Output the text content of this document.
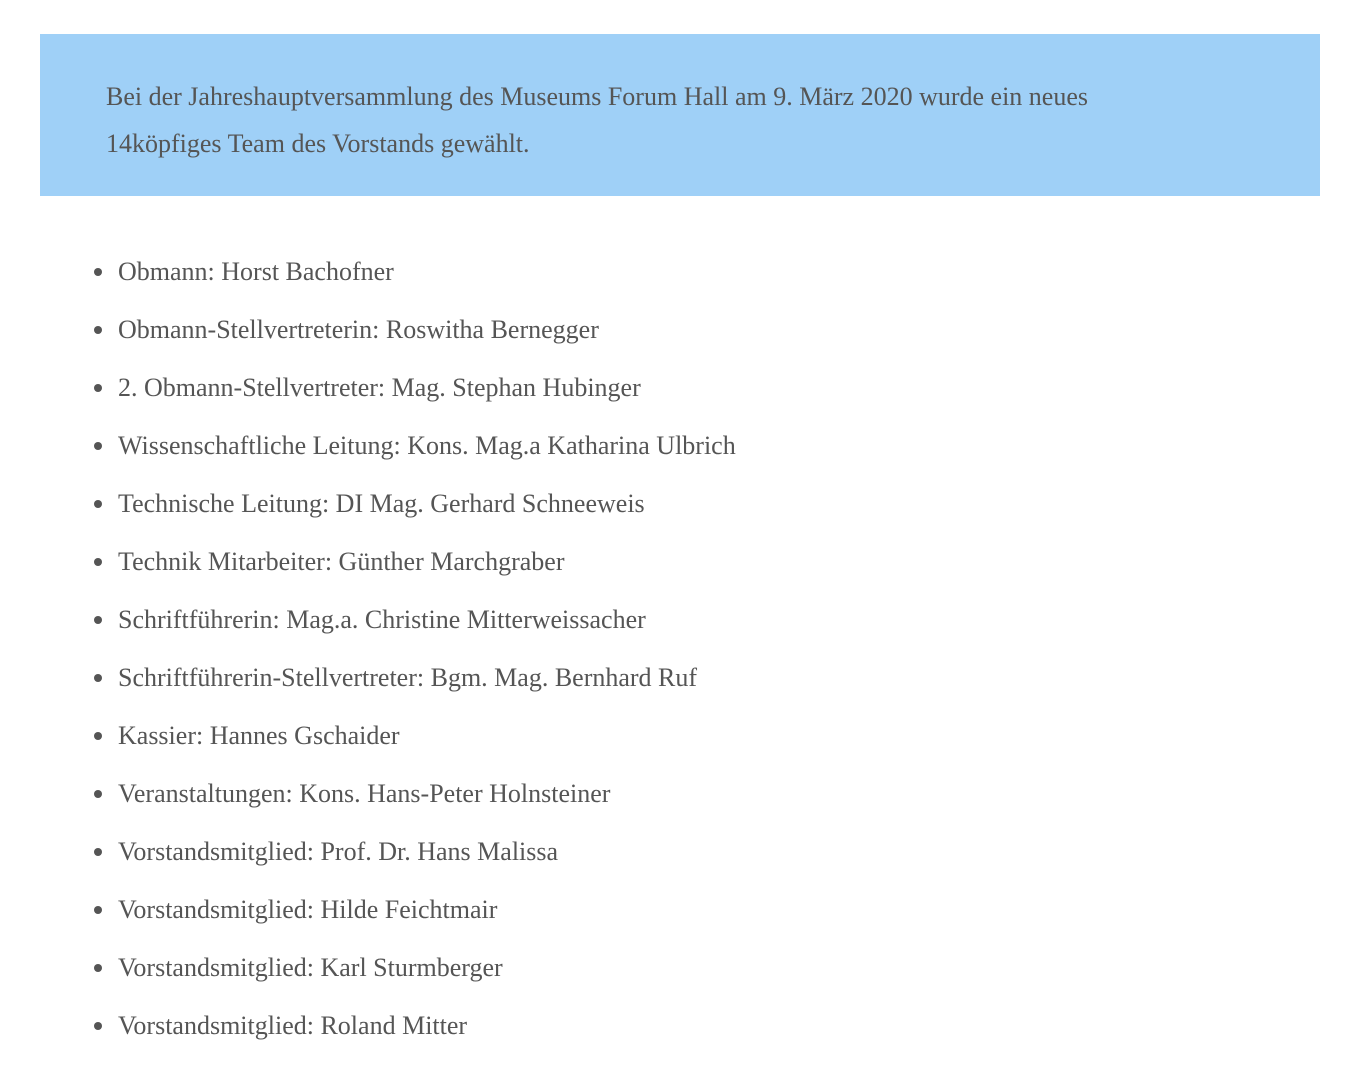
Bei der Jahreshauptversammlung des Museums Forum Hall am 9. März 2020 wurde ein neues 14köpfiges Team des Vorstands gewählt.

Obmann: Horst Bachofner
Obmann-Stellvertreterin: Roswitha Bernegger
2. Obmann-Stellvertreter: Mag. Stephan Hubinger
Wissenschaftliche Leitung: Kons. Mag.a Katharina Ulbrich
Technische Leitung: DI Mag. Gerhard Schneeweis
Technik Mitarbeiter: Günther Marchgraber
Schriftführerin: Mag.a. Christine Mitterweissacher
Schriftführerin-Stellvertreter: Bgm. Mag. Bernhard Ruf
Kassier: Hannes Gschaider
Veranstaltungen: Kons. Hans-Peter Holnsteiner
Vorstandsmitglied: Prof. Dr. Hans Malissa
Vorstandsmitglied: Hilde Feichtmair
Vorstandsmitglied: Karl Sturmberger
Vorstandsmitglied: Roland Mitter
